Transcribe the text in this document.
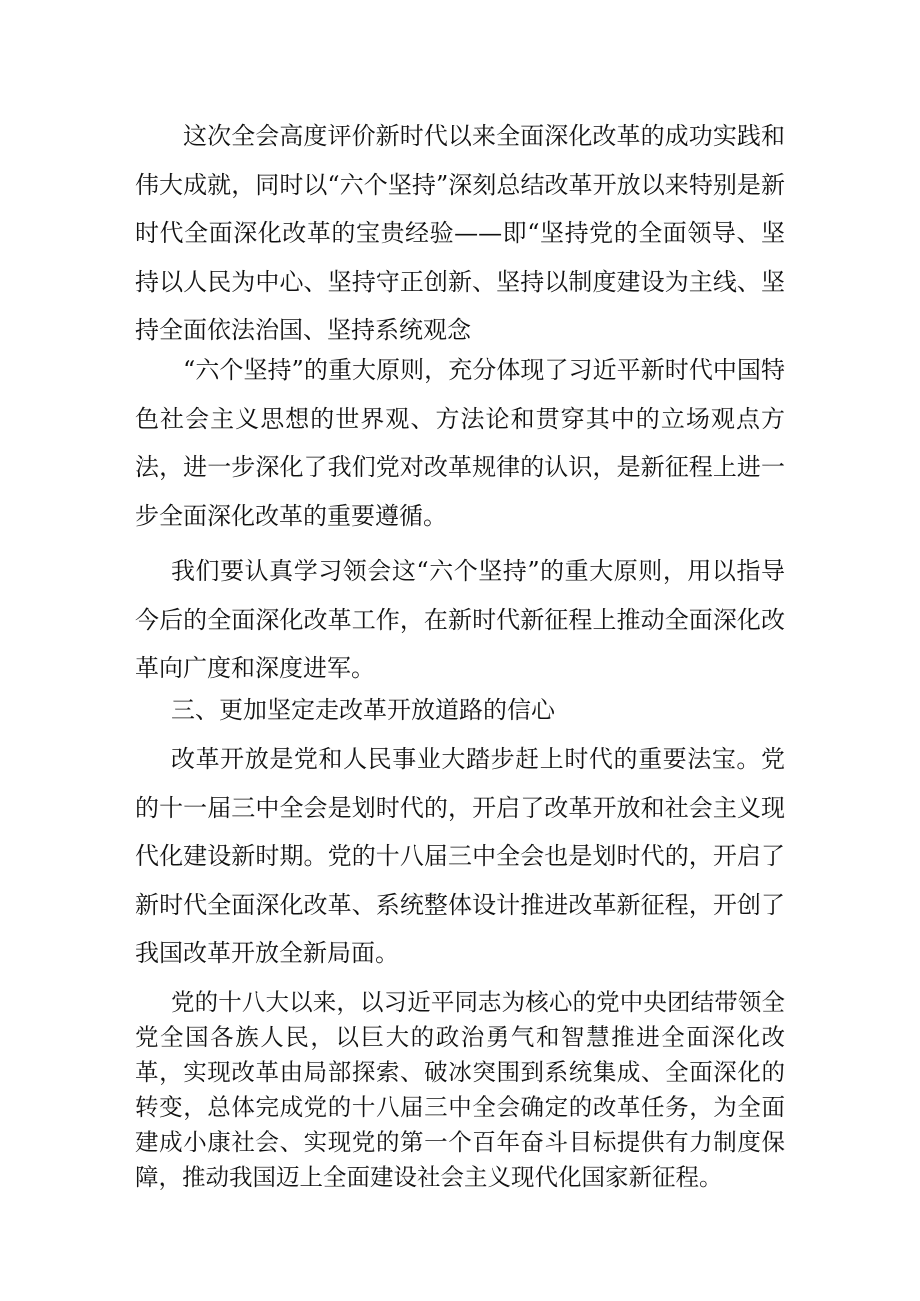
这次全会高度评价新时代以来全面深化改革的成功实践和伟大成就，同时以“六个坚持”深刻总结改革开放以来特别是新时代全面深化改革的宝贵经验——即“坚持党的全面领导、坚持以人民为中心、坚持守正创新、坚持以制度建设为主线、坚持全面依法治国、坚持系统观念

“六个坚持”的重大原则，充分体现了习近平新时代中国特色社会主义思想的世界观、方法论和贯穿其中的立场观点方法，进一步深化了我们党对改革规律的认识，是新征程上进一步全面深化改革的重要遵循。

我们要认真学习领会这“六个坚持”的重大原则，用以指导今后的全面深化改革工作，在新时代新征程上推动全面深化改革向广度和深度进军。

三、更加坚定走改革开放道路的信心

改革开放是党和人民事业大踏步赶上时代的重要法宝。党的十一届三中全会是划时代的，开启了改革开放和社会主义现代化建设新时期。党的十八届三中全会也是划时代的，开启了新时代全面深化改革、系统整体设计推进改革新征程，开创了我国改革开放全新局面。

党的十八大以来，以习近平同志为核心的党中央团结带领全党全国各族人民，以巨大的政治勇气和智慧推进全面深化改革，实现改革由局部探索、破冰突围到系统集成、全面深化的转变，总体完成党的十八届三中全会确定的改革任务，为全面建成小康社会、实现党的第一个百年奋斗目标提供有力制度保障，推动我国迈上全面建设社会主义现代化国家新征程。
